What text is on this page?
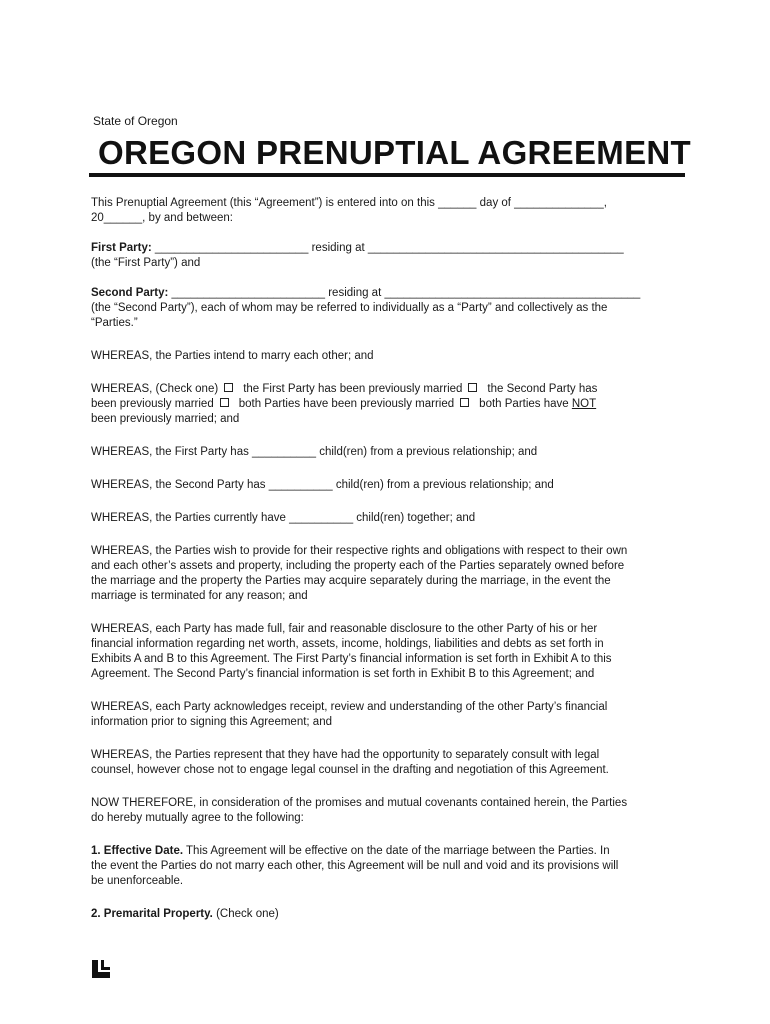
State of Oregon
OREGON PRENUPTIAL AGREEMENT
This Prenuptial Agreement (this “Agreement”) is entered into on this ______ day of ______________,
20______, by and between:
First Party: ________________________ residing at ________________________________________
(the “First Party”) and
Second Party: ________________________ residing at ________________________________________
(the “Second Party”), each of whom may be referred to individually as a “Party” and collectively as the
“Parties.”
WHEREAS, the Parties intend to marry each other; and
WHEREAS, (Check one) the First Party has been previously married the Second Party has
been previously married both Parties have been previously married both Parties have NOT
been previously married; and
WHEREAS, the First Party has __________ child(ren) from a previous relationship; and
WHEREAS, the Second Party has __________ child(ren) from a previous relationship; and
WHEREAS, the Parties currently have __________ child(ren) together; and
WHEREAS, the Parties wish to provide for their respective rights and obligations with respect to their own
and each other’s assets and property, including the property each of the Parties separately owned before
the marriage and the property the Parties may acquire separately during the marriage, in the event the
marriage is terminated for any reason; and
WHEREAS, each Party has made full, fair and reasonable disclosure to the other Party of his or her
financial information regarding net worth, assets, income, holdings, liabilities and debts as set forth in
Exhibits A and B to this Agreement. The First Party’s financial information is set forth in Exhibit A to this
Agreement. The Second Party’s financial information is set forth in Exhibit B to this Agreement; and
WHEREAS, each Party acknowledges receipt, review and understanding of the other Party’s financial
information prior to signing this Agreement; and
WHEREAS, the Parties represent that they have had the opportunity to separately consult with legal
counsel, however chose not to engage legal counsel in the drafting and negotiation of this Agreement.
NOW THEREFORE, in consideration of the promises and mutual covenants contained herein, the Parties
do hereby mutually agree to the following:
1. Effective Date. This Agreement will be effective on the date of the marriage between the Parties. In
the event the Parties do not marry each other, this Agreement will be null and void and its provisions will
be unenforceable.
2. Premarital Property. (Check one)
